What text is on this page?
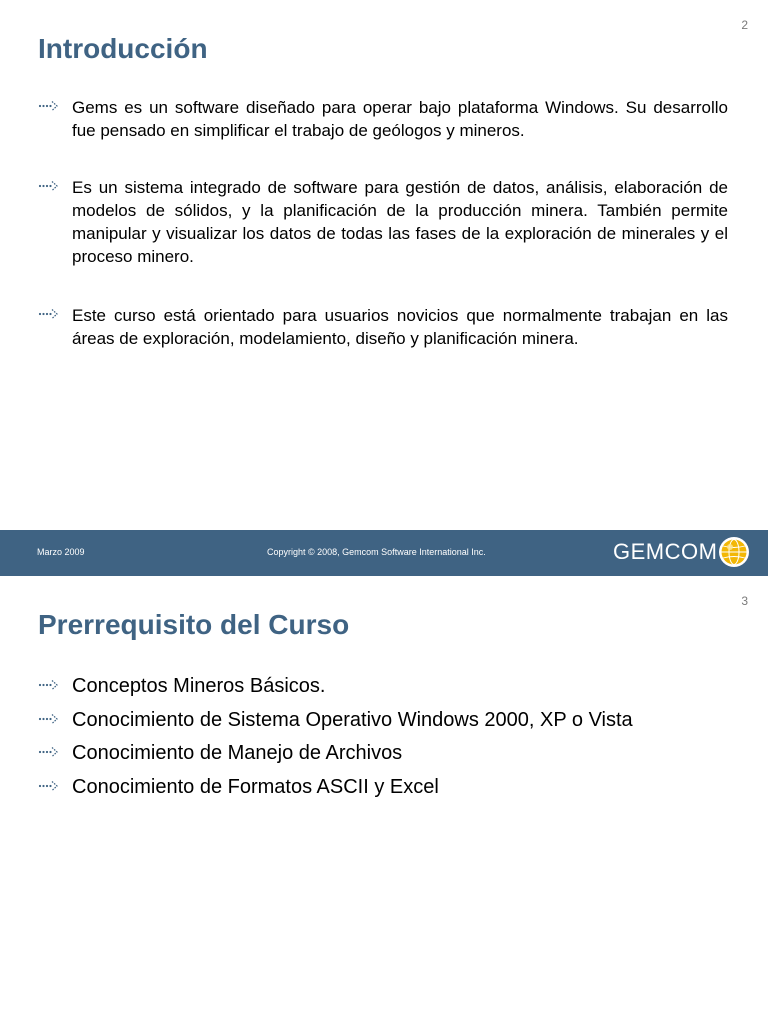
2
Introducción
Gems es un software diseñado para operar bajo plataforma Windows. Su desarrollo fue pensado en simplificar el trabajo de geólogos y mineros.
Es un sistema integrado de software para gestión de datos, análisis, elaboración de modelos de sólidos, y la planificación de la producción minera. También permite manipular y visualizar los datos de todas las fases de la exploración de minerales y el proceso minero.
Este curso está orientado para usuarios novicios que normalmente trabajan en las áreas de exploración, modelamiento, diseño y planificación minera.
Marzo 2009	Copyright © 2008, Gemcom Software International Inc.	GEMCOM
3
Prerrequisito del Curso
Conceptos Mineros Básicos.
Conocimiento de Sistema Operativo Windows 2000, XP o Vista
Conocimiento de Manejo de Archivos
Conocimiento de Formatos ASCII y Excel
